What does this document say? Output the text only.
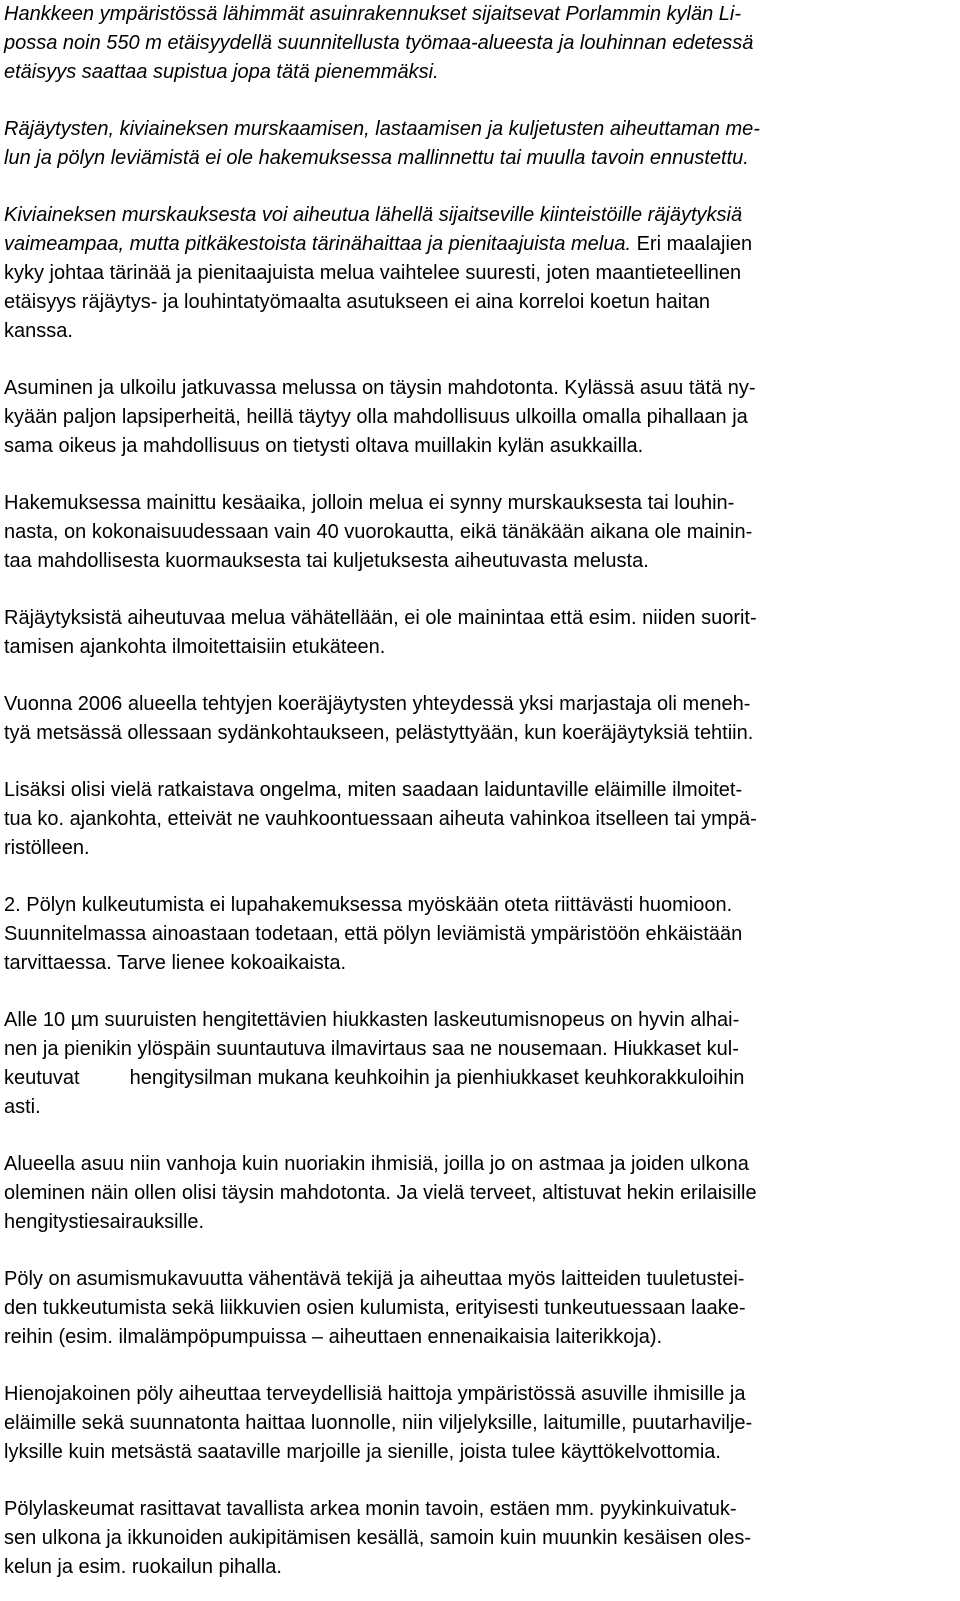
Hankkeen ympäristössä lähimmät asuinrakennukset sijaitsevat Porlammin kylän Li-
possa noin 550 m etäisyydellä suunnitellusta työmaa-alueesta ja louhinnan edetessä
etäisyys saattaa supistua jopa tätä pienemmäksi.

Räjäytysten, kiviaineksen murskaamisen, lastaamisen ja kuljetusten aiheuttaman me-
lun ja pölyn leviämistä ei ole hakemuksessa mallinnettu tai muulla tavoin ennustettu.

Kiviaineksen murskauksesta voi aiheutua lähellä sijaitseville kiinteistöille räjäytyksiä
vaimeampaa, mutta pitkäkestoista tärinähaittaa ja pienitaajuista melua. Eri maalajien
kyky johtaa tärinää ja pienitaajuista melua vaihtelee suuresti, joten maantieteellinen
etäisyys räjäytys- ja louhintatyömaalta asutukseen ei aina korreloi koetun haitan
kanssa.

Asuminen ja ulkoilu jatkuvassa melussa on täysin mahdotonta. Kylässä asuu tätä ny-
kyään paljon lapsiperheitä, heillä täytyy olla mahdollisuus ulkoilla omalla pihallaan ja
sama oikeus ja mahdollisuus on tietysti oltava muillakin kylän asukkailla.

Hakemuksessa mainittu kesäaika, jolloin melua ei synny murskauksesta tai louhin-
nasta, on kokonaisuudessaan vain 40 vuorokautta, eikä tänäkään aikana ole mainin-
taa mahdollisesta kuormauksesta tai kuljetuksesta aiheutuvasta melusta.

Räjäytyksistä aiheutuvaa melua vähätellään, ei ole mainintaa että esim. niiden suorit-
tamisen ajankohta ilmoitettaisiin etukäteen.

Vuonna 2006 alueella tehtyjen koeräjäytysten yhteydessä yksi marjastaja oli meneh-
tyä metsässä ollessaan sydänkohtaukseen, pelästyttyään, kun koeräjäytyksiä tehtiin.

Lisäksi olisi vielä ratkaistava ongelma, miten saadaan laiduntaville eläimille ilmoitet-
tua ko. ajankohta, etteivät ne vauhkoontuessaan aiheuta vahinkoa itselleen tai ympä-
ristölleen.

2. Pölyn kulkeutumista ei lupahakemuksessa myöskään oteta riittävästi huomioon.
Suunnitelmassa ainoastaan todetaan, että pölyn leviämistä ympäristöön ehkäistään
tarvittaessa. Tarve lienee kokoaikaista.

Alle 10 µm suuruisten hengitettävien hiukkasten laskeutumisnopeus on hyvin alhai-
nen ja pienikin ylöspäin suuntautuva ilmavirtaus saa ne nousemaan. Hiukkaset kul-
keutuvat         hengitysilman mukana keuhkoihin ja pienhiukkaset keuhkorakkuloihin
asti.

Alueella asuu niin vanhoja kuin nuoriakin ihmisiä, joilla jo on astmaa ja joiden ulkona
oleminen näin ollen olisi täysin mahdotonta. Ja vielä terveet, altistuvat hekin erilaisille
hengitystiesairauksille.

Pöly on asumismukavuutta vähentävä tekijä ja aiheuttaa myös laitteiden tuuletustei-
den tukkeutumista sekä liikkuvien osien kulumista, erityisesti tunkeutuessaan laake-
reihin (esim. ilmalämpöpumpuissa – aiheuttaen ennenaikaisia laiterikkoja).

Hienojakoinen pöly aiheuttaa terveydellisiä haittoja ympäristössä asuville ihmisille ja
eläimille sekä suunnatonta haittaa luonnolle, niin viljelyksille, laitumille, puutarhavilje-
lyksille kuin metsästä saataville marjoille ja sienille, joista tulee käyttökelvottomia.

Pölylaskeumat rasittavat tavallista arkea monin tavoin, estäen mm. pyykinkuivatuk-
sen ulkona ja ikkunoiden aukipitämisen kesällä, samoin kuin muunkin kesäisen oles-
kelun ja esim. ruokailun pihalla.
